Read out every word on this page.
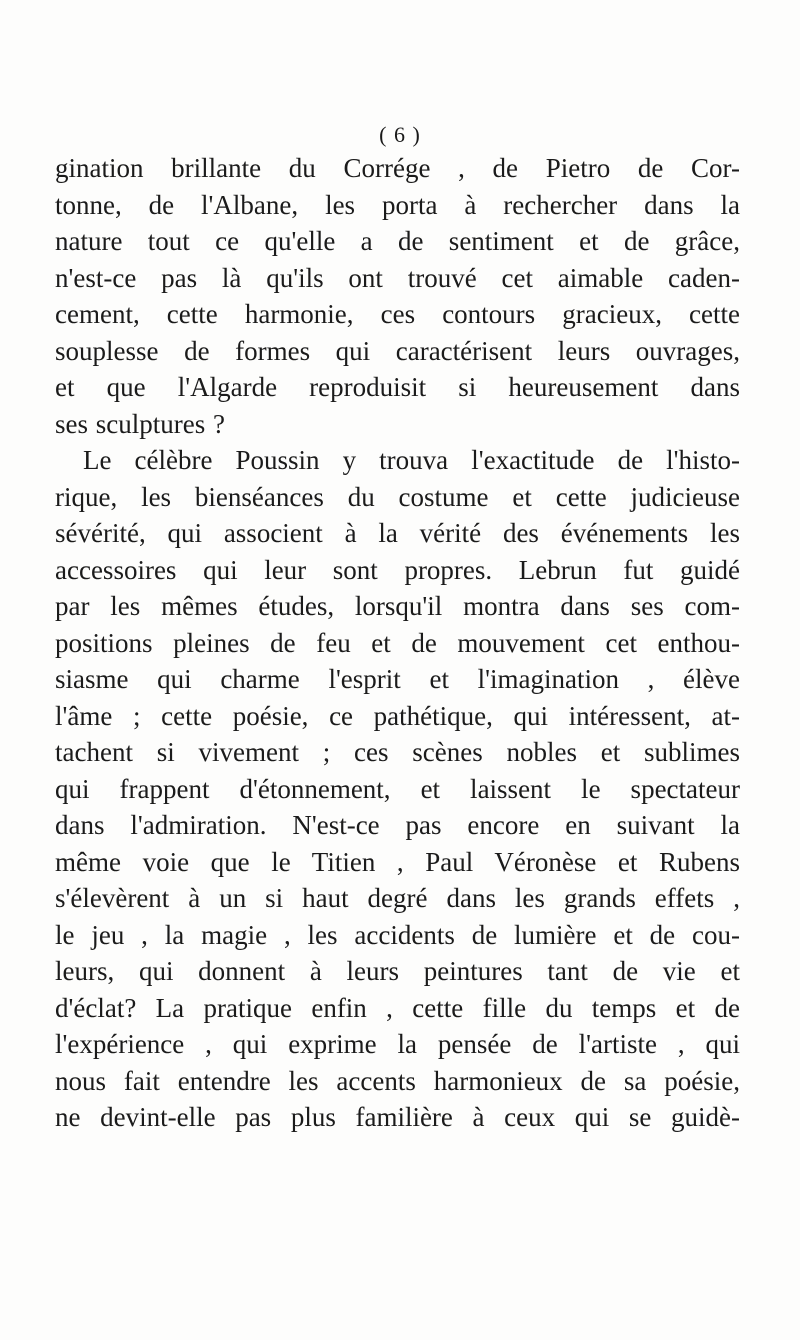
( 6 )
gination brillante du Corrége , de Pietro de Cor-
tonne, de l'Albane, les porta à rechercher dans la
nature tout ce qu'elle a de sentiment et de grâce,
n'est-ce pas là qu'ils ont trouvé cet aimable caden-
cement, cette harmonie, ces contours gracieux, cette
souplesse de formes qui caractérisent leurs ouvrages,
et que l'Algarde reproduisit si heureusement dans
ses sculptures ?
Le célèbre Poussin y trouva l'exactitude de l'histo-
rique, les bienséances du costume et cette judicieuse
sévérité, qui associent à la vérité des événements les
accessoires qui leur sont propres. Lebrun fut guidé
par les mêmes études, lorsqu'il montra dans ses com-
positions pleines de feu et de mouvement cet enthou-
siasme qui charme l'esprit et l'imagination , élève
l'âme ; cette poésie, ce pathétique, qui intéressent, at-
tachent si vivement ; ces scènes nobles et sublimes
qui frappent d'étonnement, et laissent le spectateur
dans l'admiration. N'est-ce pas encore en suivant la
même voie que le Titien , Paul Véronèse et Rubens
s'élevèrent à un si haut degré dans les grands effets ,
le jeu , la magie , les accidents de lumière et de cou-
leurs, qui donnent à leurs peintures tant de vie et
d'éclat? La pratique enfin , cette fille du temps et de
l'expérience , qui exprime la pensée de l'artiste , qui
nous fait entendre les accents harmonieux de sa poésie,
ne devint-elle pas plus familière à ceux qui se guidè-
